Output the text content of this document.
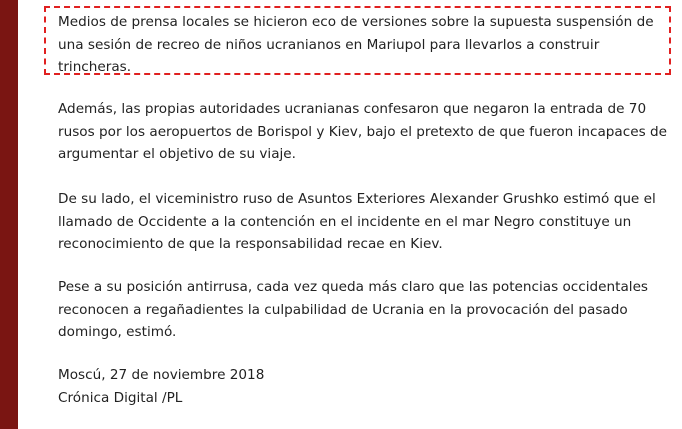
Medios de prensa locales se hicieron eco de versiones sobre la supuesta suspensión de
una sesión de recreo de niños ucranianos en Mariupol para llevarlos a construir
trincheras.

Además, las propias autoridades ucranianas confesaron que negaron la entrada de 70
rusos por los aeropuertos de Borispol y Kiev, bajo el pretexto de que fueron incapaces de
argumentar el objetivo de su viaje.

De su lado, el viceministro ruso de Asuntos Exteriores Alexander Grushko estimó que el
llamado de Occidente a la contención en el incidente en el mar Negro constituye un
reconocimiento de que la responsabilidad recae en Kiev.

Pese a su posición antirrusa, cada vez queda más claro que las potencias occidentales
reconocen a regañadientes la culpabilidad de Ucrania en la provocación del pasado
domingo, estimó.

Moscú, 27 de noviembre 2018
Crónica Digital /PL
